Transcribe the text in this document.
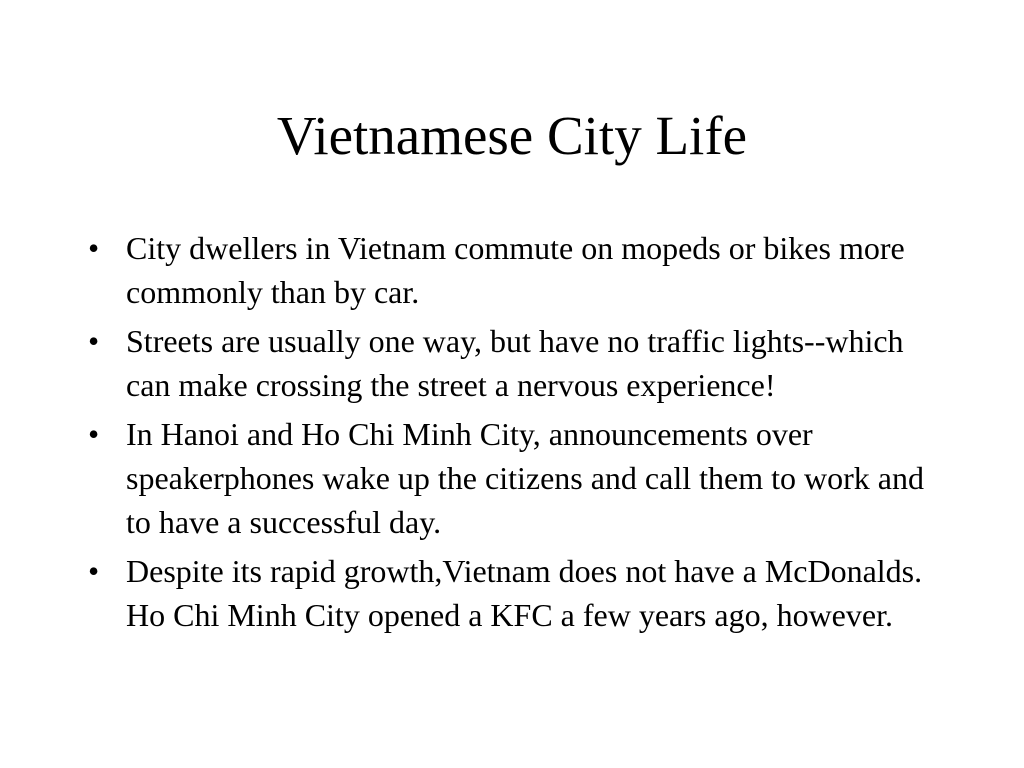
Vietnamese City Life
• City dwellers in Vietnam commute on mopeds or bikes more commonly than by car.
• Streets are usually one way, but have no traffic lights--which can make crossing the street a nervous experience!
• In Hanoi and Ho Chi Minh City, announcements over speakerphones wake up the citizens and call them to work and to have a successful day.
• Despite its rapid growth,Vietnam does not have a McDonalds. Ho Chi Minh City opened a KFC a few years ago, however.
